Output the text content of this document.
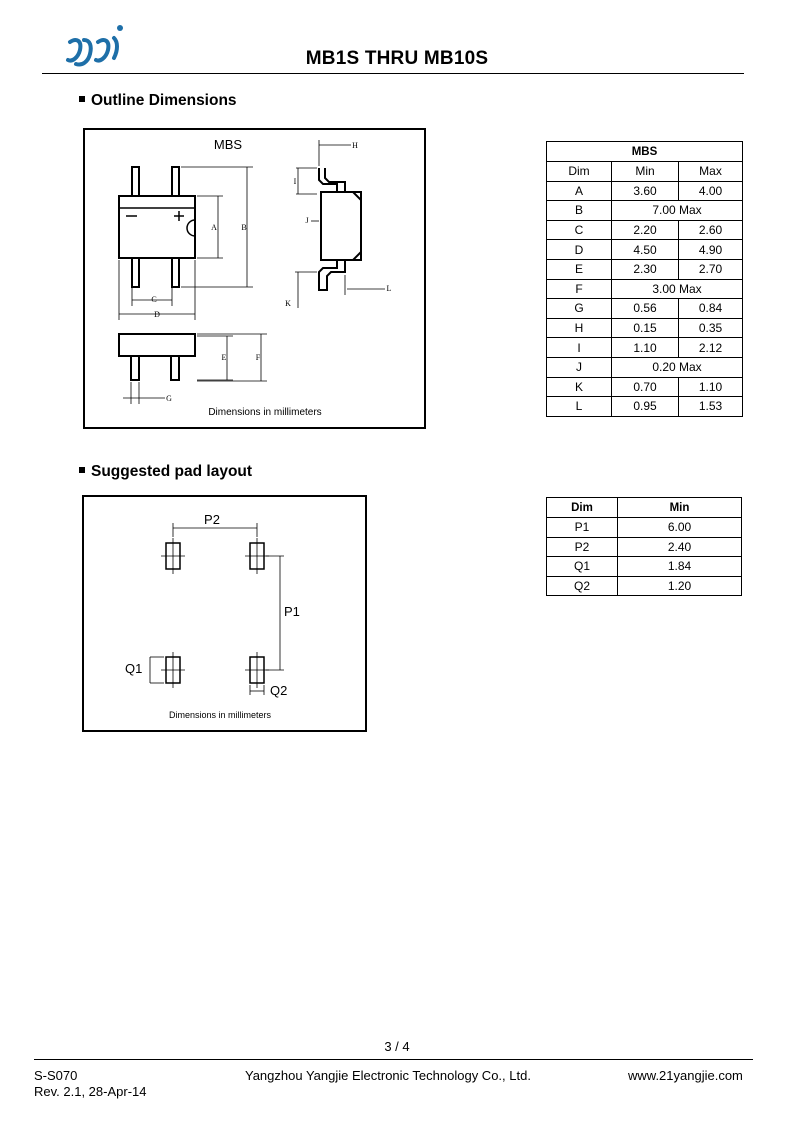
MB1S THRU MB10S
Outline Dimensions
MBS
A	B
C
D
H
I
J
K
L
E	F
G
Dimensions in millimeters
MBS		
Dim	Min	Max
A	3.60	4.00
B	7.00 Max	
C	2.20	2.60
D	4.50	4.90
E	2.30	2.70
F	3.00 Max	
G	0.56	0.84
H	0.15	0.35
I	1.10	2.12
J	0.20 Max	
K	0.70	1.10
L	0.95	1.53
Suggested pad layout
P2
P1
Q1
Q2
Dimensions in millimeters
Dim	Min
P1	6.00
P2	2.40
Q1	1.84
Q2	1.20
3 / 4
S-S070
Rev. 2.1, 28-Apr-14
Yangzhou Yangjie Electronic Technology Co., Ltd.	www.21yangjie.com
